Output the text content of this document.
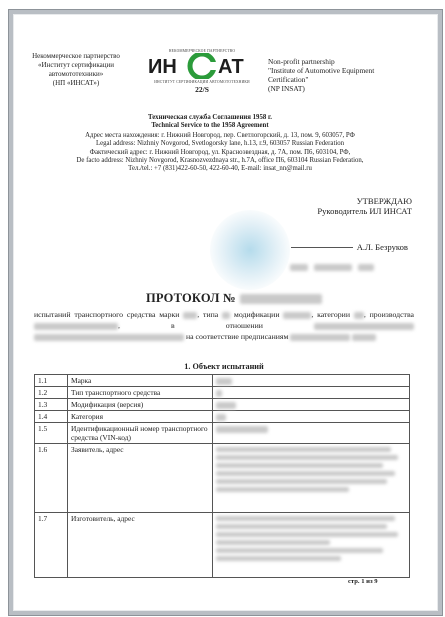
Некоммерческое партнерство
«Институт сертификации
автомототехники»
(НП «ИНСАТ»)
НЕКОММЕРЧЕСКОЕ ПАРТНЕРСТВО
ИН АТ
ИНСТИТУТ СЕРТИФИКАЦИИ АВТОМОТОТЕХНИКИ
22/S
Non-profit partnership
"Institute of Automotive Equipment
Certification"
(NP INSAT)
Техническая служба Соглашения 1958 г.
Technical Service to the 1958 Agreement
Адрес места нахождения: г. Нижний Новгород, пер. Светлогорский, д. 13, пом. 9, 603057, РФ
Legal address: Nizhniy Novgorod, Svetlogorsky lane, h.13, r.9, 603057 Russian Federation
Фактический адрес: г. Нижний Новгород, ул. Красноэвездная, д. 7А, пом. П6, 603104, РФ,
De facto address: Nizhniy Novgorod, Krasnozvezdnaya str., h.7A, office П6, 603104 Russian Federation,
Тел./tel.: +7 (831)422-60-50, 422-60-40, E-mail: insat_nn@mail.ru
УТВЕРЖДАЮ
Руководитель ИЛ ИНСАТ
А.Л. Безруков

ПРОТОКОЛ №
испытаний транспортного средства марки , типа модификации	, категории , производства , в отношении   на соответствие предписаниям
1. Объект испытаний
1.1	Марка	
1.2	Тип транспортного средства	
1.3	Модификация (версия)	
1.4	Категория	
1.5	Идентификационный номер транспортного средства (VIN-код)	
1.6	Заявитель, адрес	

1.7	Изготовитель, адрес	
стр. 1 из 9
